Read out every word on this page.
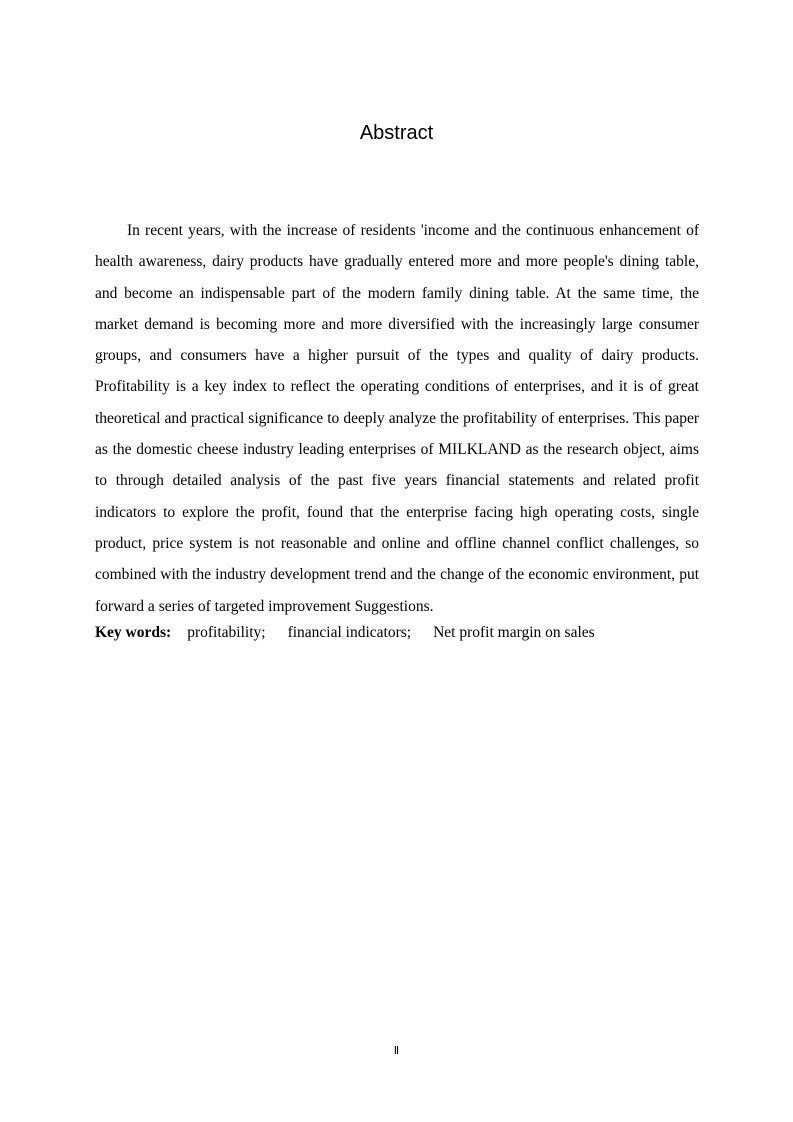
Abstract

In recent years, with the increase of residents 'income and the continuous enhancement of health awareness, dairy products have gradually entered more and more people's dining table, and become an indispensable part of the modern family dining table. At the same time, the market demand is becoming more and more diversified with the increasingly large consumer groups, and consumers have a higher pursuit of the types and quality of dairy products. Profitability is a key index to reflect the operating conditions of enterprises, and it is of great theoretical and practical significance to deeply analyze the profitability of enterprises. This paper as the domestic cheese industry leading enterprises of MILKLAND as the research object, aims to through detailed analysis of the past five years financial statements and related profit indicators to explore the profit, found that the enterprise facing high operating costs, single product, price system is not reasonable and online and offline channel conflict challenges, so combined with the industry development trend and the change of the economic environment, put forward a series of targeted improvement Suggestions.

Key words: profitability; financial indicators; Net profit margin on sales
Ⅱ
